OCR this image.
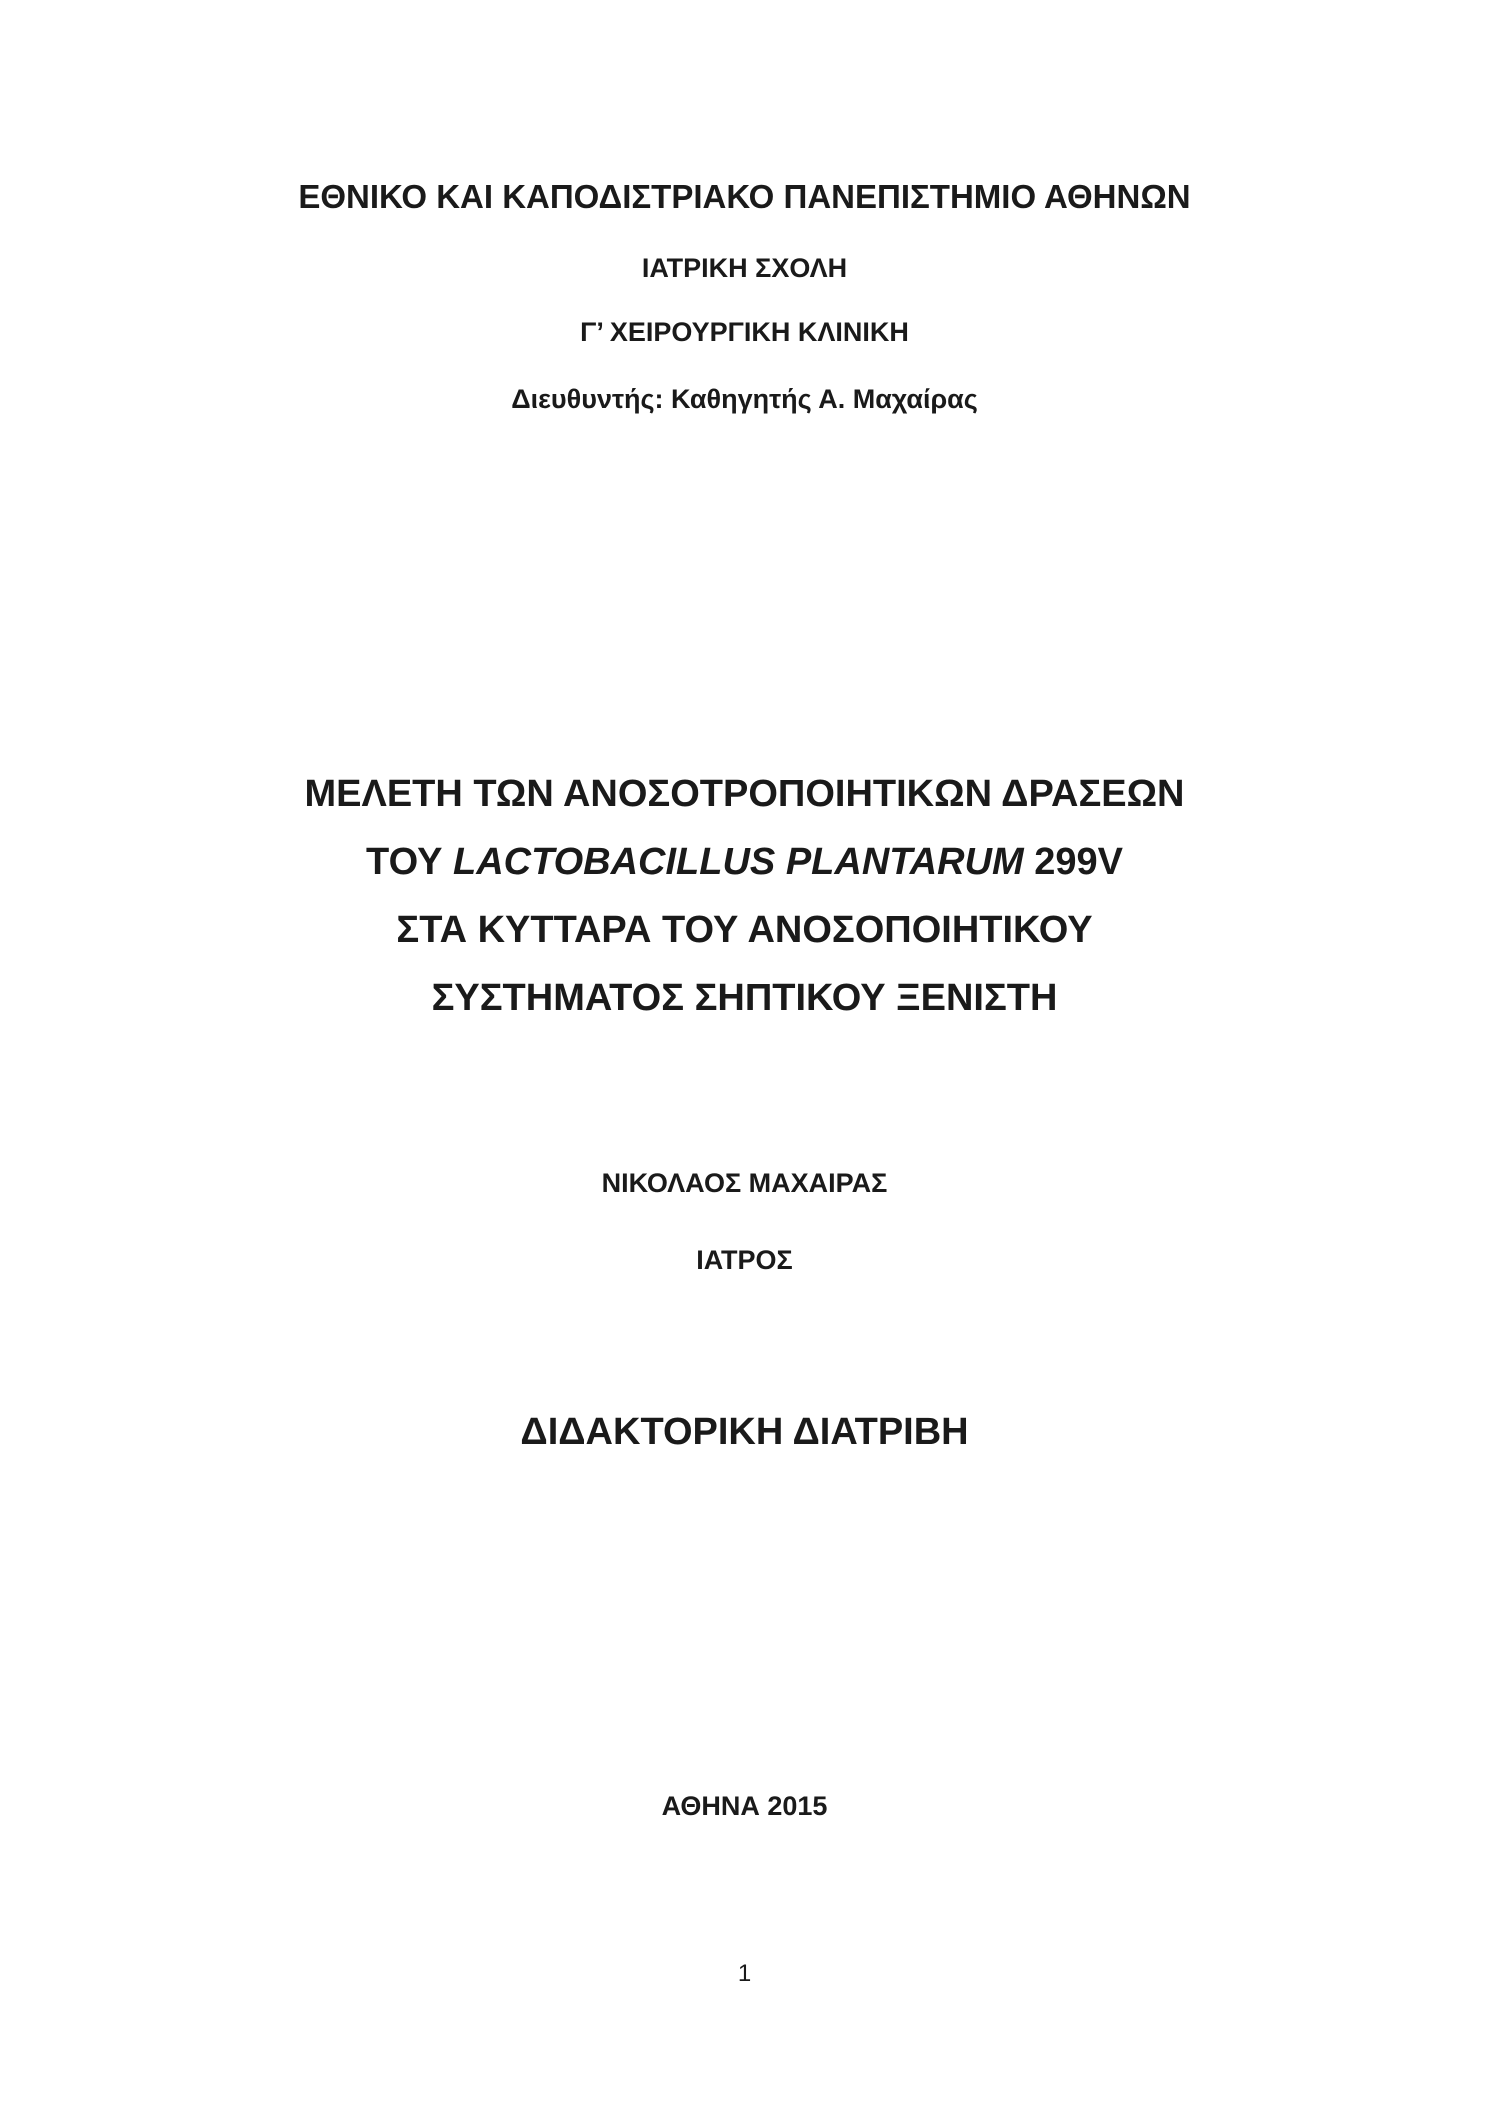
ΕΘΝΙΚΟ ΚΑΙ ΚΑΠΟΔΙΣΤΡΙΑΚΟ ΠΑΝΕΠΙΣΤΗΜΙΟ ΑΘΗΝΩΝ
ΙΑΤΡΙΚΗ ΣΧΟΛΗ
Γ’ ΧΕΙΡΟΥΡΓΙΚΗ ΚΛΙΝΙΚΗ
Διευθυντής: Καθηγητής Α. Μαχαίρας
ΜΕΛΕΤΗ ΤΩΝ ΑΝΟΣΟΤΡΟΠΟΙΗΤΙΚΩΝ ΔΡΑΣΕΩΝ
ΤΟΥ LACTOBACILLUS PLANTARUM 299V
ΣΤΑ ΚΥΤΤΑΡΑ ΤΟΥ ΑΝΟΣΟΠΟΙΗΤΙΚΟΥ
ΣΥΣΤΗΜΑΤΟΣ ΣΗΠΤΙΚΟΥ ΞΕΝΙΣΤΗ
ΝΙΚΟΛΑΟΣ ΜΑΧΑΙΡΑΣ
ΙΑΤΡΟΣ
ΔΙΔΑΚΤΟΡΙΚΗ ΔΙΑΤΡΙΒΗ
ΑΘΗΝΑ 2015
1
